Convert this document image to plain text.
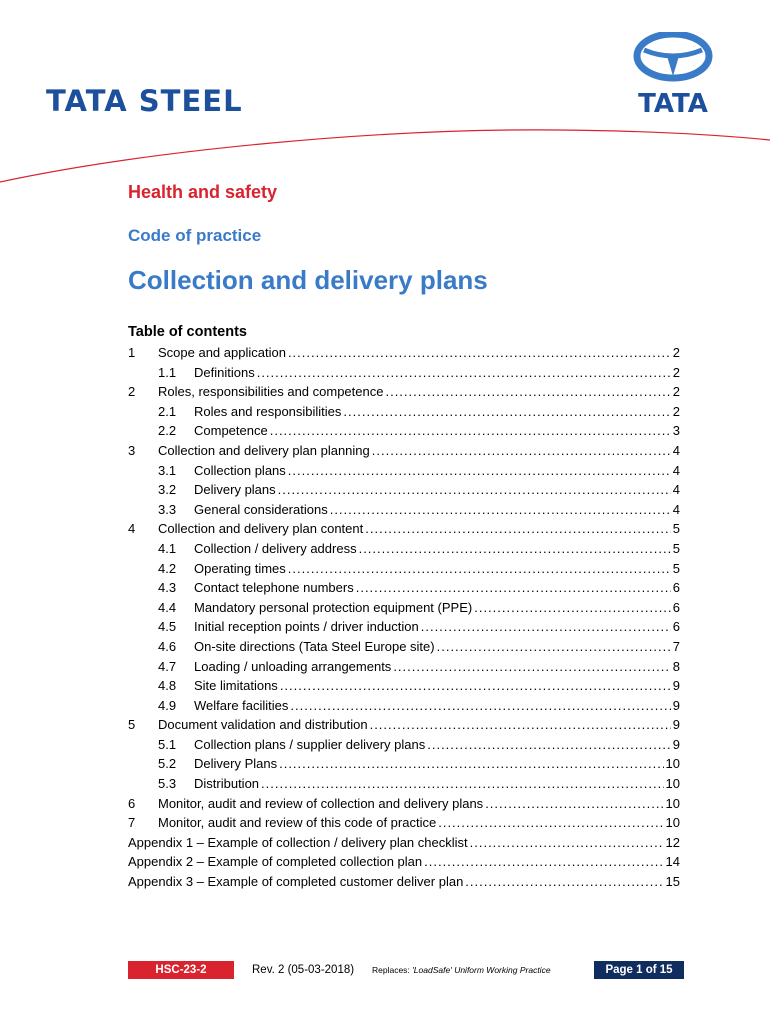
TATA STEEL	TATA
Health and safety
Code of practice
Collection and delivery plans
Table of contents
1	Scope and application .....	2
1.1	Definitions .....	2
2	Roles, responsibilities and competence .....	2
2.1	Roles and responsibilities .....	2
2.2	Competence .....	3
3	Collection and delivery plan planning .....	4
3.1	Collection plans .....	4
3.2	Delivery plans .....	4
3.3	General considerations .....	4
4	Collection and delivery plan content .....	5
4.1	Collection / delivery address .....	5
4.2	Operating times .....	5
4.3	Contact telephone numbers .....	6
4.4	Mandatory personal protection equipment (PPE) .....	6
4.5	Initial reception points / driver induction .....	6
4.6	On-site directions (Tata Steel Europe site) .....	7
4.7	Loading / unloading arrangements .....	8
4.8	Site limitations .....	9
4.9	Welfare facilities .....	9
5	Document validation and distribution .....	9
5.1	Collection plans / supplier delivery plans .....	9
5.2	Delivery Plans .....	10
5.3	Distribution .....	10
6	Monitor, audit and review of collection and delivery plans .....	10
7	Monitor, audit and review of this code of practice .....	10
Appendix 1 – Example of collection / delivery plan checklist .....	12
Appendix 2 – Example of completed collection plan .....	14
Appendix 3 – Example of completed customer deliver plan .....	15
HSC-23-2	Rev. 2 (05-03-2018)	Replaces: 'LoadSafe' Uniform Working Practice	Page 1 of 15
